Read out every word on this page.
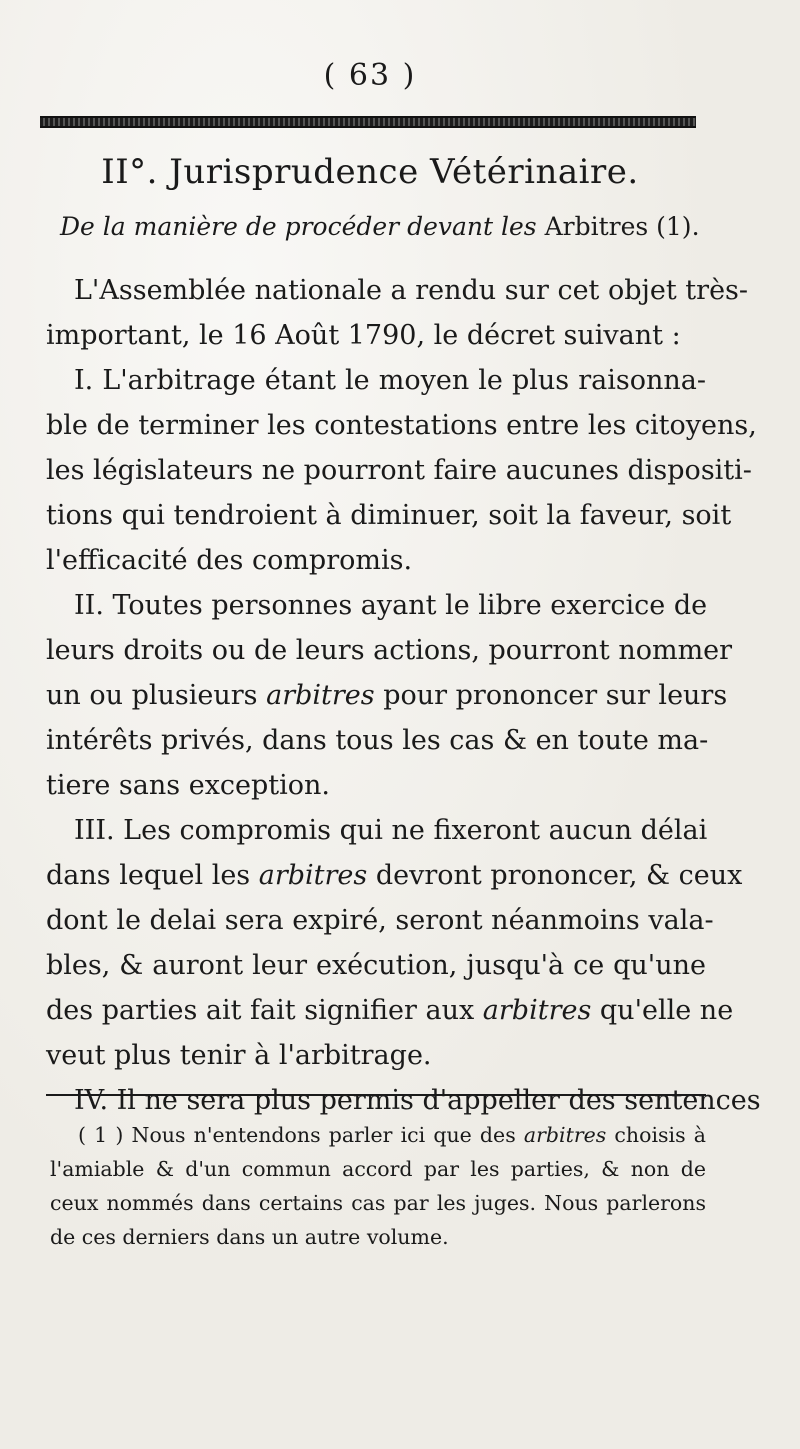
( 63 )
II°. Jurisprudence Vétérinaire.
De la manière de procéder devant les Arbitres (1).
L'Assemblée nationale a rendu sur cet objet très-
important, le 16 Août 1790, le décret suivant :
I. L'arbitrage étant le moyen le plus raisonna-
ble de terminer les contestations entre les citoyens,
les législateurs ne pourront faire aucunes dispositi-
tions qui tendroient à diminuer, soit la faveur, soit
l'efficacité des compromis.
II. Toutes personnes ayant le libre exercice de
leurs droits ou de leurs actions, pourront nommer
un ou plusieurs arbitres pour prononcer sur leurs
intérêts privés, dans tous les cas & en toute ma-
tiere sans exception.
III. Les compromis qui ne fixeront aucun délai
dans lequel les arbitres devront prononcer, & ceux
dont le delai sera expiré, seront néanmoins vala-
bles, & auront leur exécution, jusqu'à ce qu'une
des parties ait fait signifier aux arbitres qu'elle ne
veut plus tenir à l'arbitrage.
IV. Il ne sera plus permis d'appeller des sentences
( 1 ) Nous n'entendons parler ici que des arbitres choisis à
l'amiable & d'un commun accord par les parties, & non de
ceux nommés dans certains cas par les juges. Nous parlerons
de ces derniers dans un autre volume.
